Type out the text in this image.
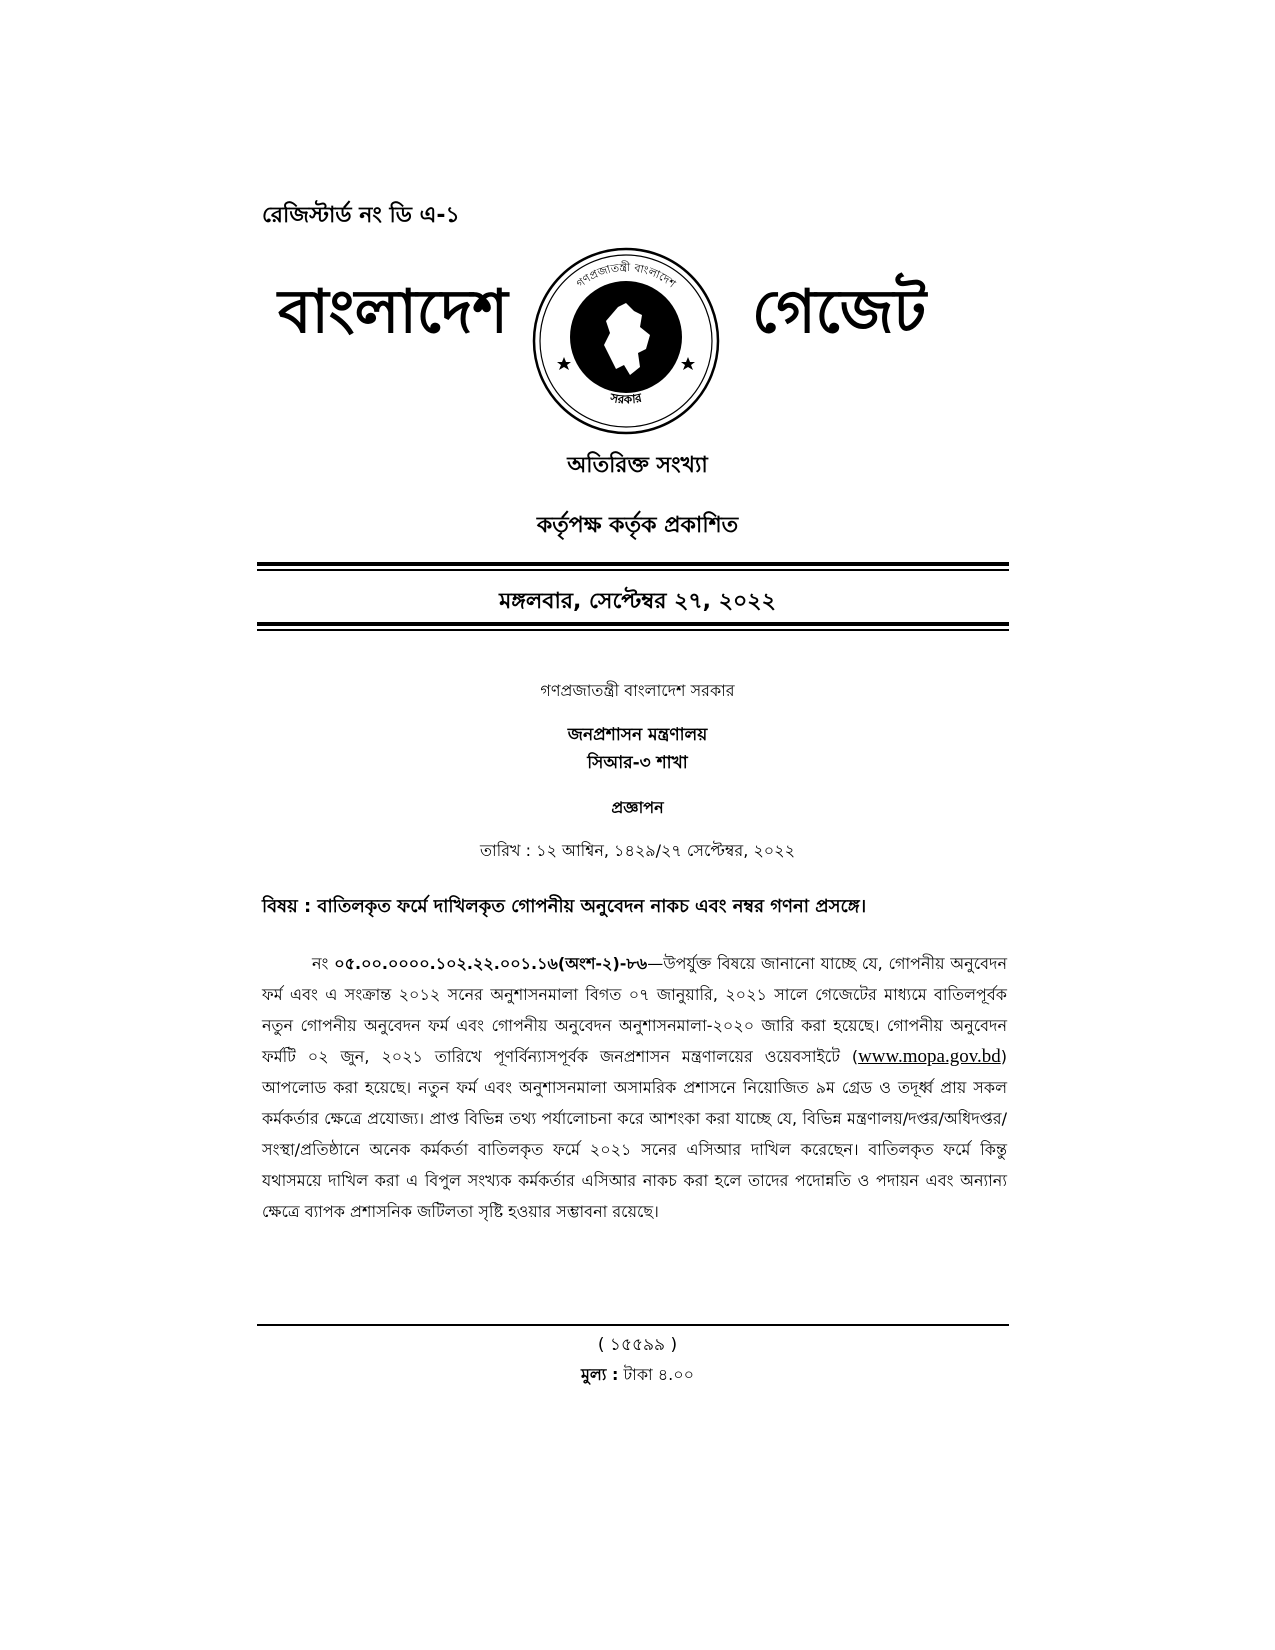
রেজিস্টার্ড নং ডি এ-১
বাংলাদেশ	গণপ্রজাতন্ত্রী বাংলাদেশ
সরকার
গেজেট
অতিরিক্ত সংখ্যা
কর্তৃপক্ষ কর্তৃক প্রকাশিত
মঙ্গলবার, সেপ্টেম্বর ২৭, ২০২২
গণপ্রজাতন্ত্রী বাংলাদেশ সরকার
জনপ্রশাসন মন্ত্রণালয়
সিআর-৩ শাখা
প্রজ্ঞাপন
তারিখ : ১২ আশ্বিন, ১৪২৯/২৭ সেপ্টেম্বর, ২০২২
বিষয় : বাতিলকৃত ফর্মে দাখিলকৃত গোপনীয় অনুবেদন নাকচ এবং নম্বর গণনা প্রসঙ্গে।
নং ০৫.০০.০০০০.১০২.২২.০০১.১৬(অংশ-২)-৮৬—উপর্যুক্ত বিষয়ে জানানো যাচ্ছে যে, গোপনীয় অনুবেদন ফর্ম এবং এ সংক্রান্ত ২০১২ সনের অনুশাসনমালা বিগত ০৭ জানুয়ারি, ২০২১ সালে গেজেটের মাধ্যমে বাতিলপূর্বক নতুন গোপনীয় অনুবেদন ফর্ম এবং গোপনীয় অনুবেদন অনুশাসনমালা-২০২০ জারি করা হয়েছে। গোপনীয় অনুবেদন ফর্মটি ০২ জুন, ২০২১ তারিখে পূণর্বিন্যাসপূর্বক জনপ্রশাসন মন্ত্রণালয়ের ওয়েবসাইটে (www.mopa.gov.bd) আপলোড করা হয়েছে। নতুন ফর্ম এবং অনুশাসনমালা অসামরিক প্রশাসনে নিয়োজিত ৯ম গ্রেড ও তদূর্ধ্ব প্রায় সকল কর্মকর্তার ক্ষেত্রে প্রযোজ্য। প্রাপ্ত বিভিন্ন তথ্য পর্যালোচনা করে আশংকা করা যাচ্ছে যে, বিভিন্ন মন্ত্রণালয়/দপ্তর/অধিদপ্তর/সংস্থা/প্রতিষ্ঠানে অনেক কর্মকর্তা বাতিলকৃত ফর্মে ২০২১ সনের এসিআর দাখিল করেছেন। বাতিলকৃত ফর্মে কিন্তু যথাসময়ে দাখিল করা এ বিপুল সংখ্যক কর্মকর্তার এসিআর নাকচ করা হলে তাদের পদোন্নতি ও পদায়ন এবং অন্যান্য ক্ষেত্রে ব্যাপক প্রশাসনিক জটিলতা সৃষ্টি হওয়ার সম্ভাবনা রয়েছে।
( ১৫৫৯৯ )
মুল্য : টাকা ৪.০০
